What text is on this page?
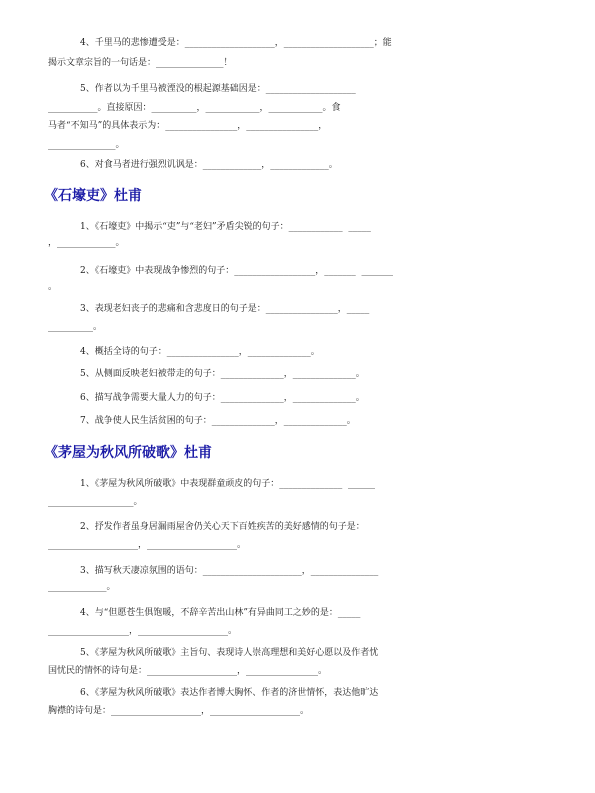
4、千里马的悲惨遭受是：____________________，____________________；能

揭示文章宗旨的一句话是：_______________！

5、作者以为千里马被湮没的根起源基础因是：____________________

___________。直接原因：__________，____________，____________。食

马者“不知马”的具体表示为：________________，________________，

_______________。

6、对食马者进行强烈讥讽是：_____________，_____________。

《石壕吏》杜甫

1、《石壕吏》中揭示“吏”与“老妇”矛盾尖锐的句子：____________  _____

，_____________。

2、《石壕吏》中表现战争惨烈的句子：__________________，_______  _______

。

3、表现老妇丧子的悲痛和含悲度日的句子是：________________，_____

__________。

4、概括全诗的句子：________________，______________。

5、从侧面反映老妇被带走的句子：______________，______________。

6、描写战争需要大量人力的句子：______________，______________。

7、战争使人民生活贫困的句子：______________，______________。

《茅屋为秋风所破歌》杜甫

1、《茅屋为秋风所破歌》中表现群童顽皮的句子：______________  ______

___________________。

2、抒发作者虽身居漏雨屋舍仍关心天下百姓疾苦的美好感情的句子是：

____________________，____________________。

3、描写秋天凄凉氛围的语句：______________________，_______________

_____________。

4、与“但愿苍生俱饱暖，不辞辛苦出山林”有异曲同工之妙的是：_____

__________________，____________________。

5、《茅屋为秋风所破歌》主旨句、表现诗人崇高理想和美好心愿以及作者忧

国忧民的情怀的诗句是：____________________，________________。

6、《茅屋为秋风所破歌》表达作者博大胸怀、作者的济世情怀，表达他旷达

胸襟的诗句是：____________________，____________________。
